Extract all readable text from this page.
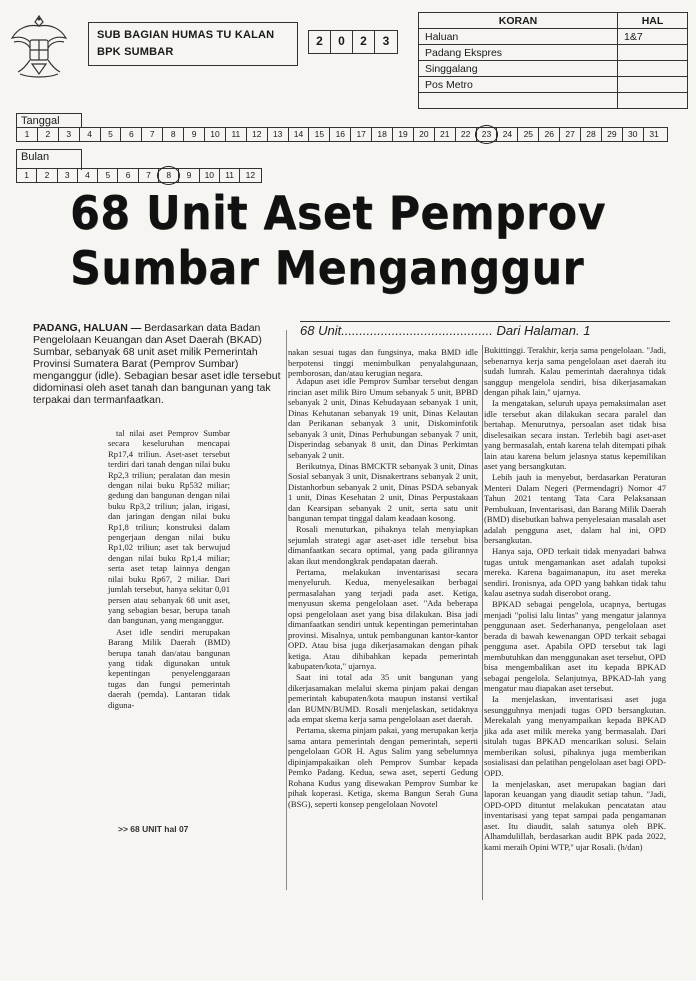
SUB BAGIAN HUMAS TU KALAN
BPK SUMBAR
2	0	2	3
KORAN	HAL
Haluan	1&7
Padang Ekspres	
Singgalang	
Pos Metro	

Tanggal
1	2	3	4	5	6	7	8	9	10	11	12	13	14	15	16	17	18	19	20	21	22	23	24	25	26	27	28	29	30	31
Bulan
1	2	3	4	5	6	7	8	9	10	11	12
68 Unit Aset Pemprov
Sumbar Menganggur
PADANG, HALUAN — Berdasarkan data Badan Pengelolaan Keuangan dan Aset Daerah (BKAD) Sumbar, sebanyak 68 unit aset milik Pemerintah Provinsi Sumatera Barat (Pemprov Sumbar) menganggur (idle). Sebagian besar aset idle tersebut didominasi oleh aset tanah dan bangunan yang tak terpakai dan termanfaatkan.

tal nilai aset Pemprov Sumbar secara keseluruhan mencapai Rp17,4 triliun. Aset-aset tersebut terdiri dari tanah dengan nilai buku Rp2,3 triliun; peralatan dan mesin dengan nilai buku Rp532 miliar; gedung dan bangunan dengan nilai buku Rp3,2 triliun; jalan, irigasi, dan jaringan dengan nilai buku Rp1,8 triliun; konstruksi dalam pengerjaan dengan nilai buku Rp1,02 triliun; aset tak berwujud dengan nilai buku Rp1,4 miliar; serta aset tetap lainnya dengan nilai buku Rp67, 2 miliar. Dari jumlah tersebut, hanya sekitar 0,01 persen atau sebanyak 68 unit aset, yang sebagian besar, berupa tanah dan bangunan, yang menganggur.

Aset idle sendiri merupakan Barang Milik Daerah (BMD) berupa tanah dan/atau bangunan yang tidak digunakan untuk kepentingan penyelenggaraan tugas dan fungsi pemerintah daerah (pemda). Lantaran tidak diguna-

>> 68 UNIT hal 07
68 Unit.......................................... Dari Halaman. 1

nakan sesuai tugas dan fungsinya, maka BMD idle berpotensi tinggi menimbulkan penyalahgunaan, pemborosan, dan/atau kerugian negara.

Adapun aset idle Pemprov Sumbar tersebut dengan rincian aset milik Biro Umum sebanyak 5 unit, BPBD sebanyak 2 unit, Dinas Kebudayaan sebanyak 1 unit, Dinas Kehutanan sebanyak 19 unit, Dinas Kelautan dan Perikanan sebanyak 3 unit, Diskominfotik sebanyak 3 unit, Dinas Perhubungan sebanyak 7 unit, Disperindag sebanyak 8 unit, dan Dinas Perkimtan sebanyak 2 unit.

Berikutnya, Dinas BMCKTR sebanyak 3 unit, Dinas Sosial sebanyak 3 unit, Disnakertrans sebanyak 2 unit, Distanhorbun sebanyak 2 unit, Dinas PSDA sebanyak 1 unit, Dinas Kesehatan 2 unit, Dinas Perpustakaan dan Kearsipan sebanyak 2 unit, serta satu unit bangunan tempat tinggal dalam keadaan kosong.

Rosali menuturkan, pihaknya telah menyiapkan sejumlah strategi agar aset-aset idle tersebut bisa dimanfaatkan secara optimal, yang pada gilirannya akan ikut mendongkrak pendapatan daerah.

Pertama, melakukan inventarisasi secara menyeluruh. Kedua, menyelesaikan berbagai permasalahan yang terjadi pada aset. Ketiga, menyusun skema pengelolaan aset. "Ada beberapa opsi pengelolaan aset yang bisa dilakukan. Bisa jadi dimanfaatkan sendiri untuk kepentingan pemerintahan provinsi. Misalnya, untuk pembangunan kantor-kantor OPD. Atau bisa juga dikerjasamakan dengan pihak ketiga. Atau dihibahkan kepada pemerintah kabupaten/kota," ujarnya.

Saat ini total ada 35 unit bangunan yang dikerjasamakan melalui skema pinjam pakai dengan pemerintah kabupaten/kota maupun instansi vertikal dan BUMN/BUMD. Rosali menjelaskan, setidaknya ada empat skema kerja sama pengelolaan aset daerah.

Pertama, skema pinjam pakai, yang merupakan kerja sama antara pemerintah dengan pemerintah, seperti pengelolaan GOR H. Agus Salim yang sebelumnya dipinjampakaikan oleh Pemprov Sumbar kepada Pemko Padang. Kedua, sewa aset, seperti Gedung Rohana Kudus yang disewakan Pemprov Sumbar ke pihak koperasi. Ketiga, skema Bangun Serah Guna (BSG), seperti konsep pengelolaan Novotel

Bukittinggi. Terakhir, kerja sama pengelolaan. "Jadi, sebenarnya kerja sama pengelolaan aset daerah itu sudah lumrah. Kalau pemerintah daerahnya tidak sanggup mengelola sendiri, bisa dikerjasamakan dengan pihak lain," ujarnya.

Ia mengatakan, seluruh upaya pemaksimalan aset idle tersebut akan dilakukan secara paralel dan bertahap. Menurutnya, persoalan aset tidak bisa diselesaikan secara instan. Terlebih bagi aset-aset yang bermasalah, entah karena telah ditempati pihak lain atau karena belum jelasnya status kepemilikan aset yang bersangkutan.

Lebih jauh ia menyebut, berdasarkan Peraturan Menteri Dalam Negeri (Permendagri) Nomor 47 Tahun 2021 tentang Tata Cara Pelaksanaan Pembukuan, Inventarisasi, dan Barang Milik Daerah (BMD) disebutkan bahwa penyelesaian masalah aset adalah pengguna aset, dalam hal ini, OPD bersangkutan.

Hanya saja, OPD terkait tidak menyadari bahwa tugas untuk mengamankan aset adalah tupoksi mereka. Karena bagaimanapun, itu aset mereka sendiri. Ironisnya, ada OPD yang bahkan tidak tahu kalau asetnya sudah diserobot orang.

BPKAD sebagai pengelola, ucapnya, bertugas menjadi "polisi lalu lintas" yang mengatur jalannya penggunaan aset. Sederhananya, pengelolaan aset berada di bawah kewenangan OPD terkait sebagai pengguna aset. Apabila OPD tersebut tak lagi membutuhkan dan menggunakan aset tersebut, OPD bisa mengembalikan aset itu kepada BPKAD sebagai pengelola. Selanjutnya, BPKAD-lah yang mengatur mau diapakan aset tersebut.

Ia menjelaskan, inventarisasi aset juga sesungguhnya menjadi tugas OPD bersangkutan. Merekalah yang menyampaikan kepada BPKAD jika ada aset milik mereka yang bermasalah. Dari situlah tugas BPKAD mencarikan solusi. Selain memberikan solusi, pihaknya juga memberikan sosialisasi dan pelatihan pengelolaan aset bagi OPD-OPD.

Ia menjelaskan, aset merupakan bagian dari laporan keuangan yang diaudit setiap tahun. "Jadi, OPD-OPD dituntut melakukan pencatatan atau inventarisasi yang tepat sampai pada pengamanan aset. Itu diaudit, salah satunya oleh BPK. Alhamdulillah, berdasarkan audit BPK pada 2022, kami meraih Opini WTP," ujar Rosali. (h/dan)
